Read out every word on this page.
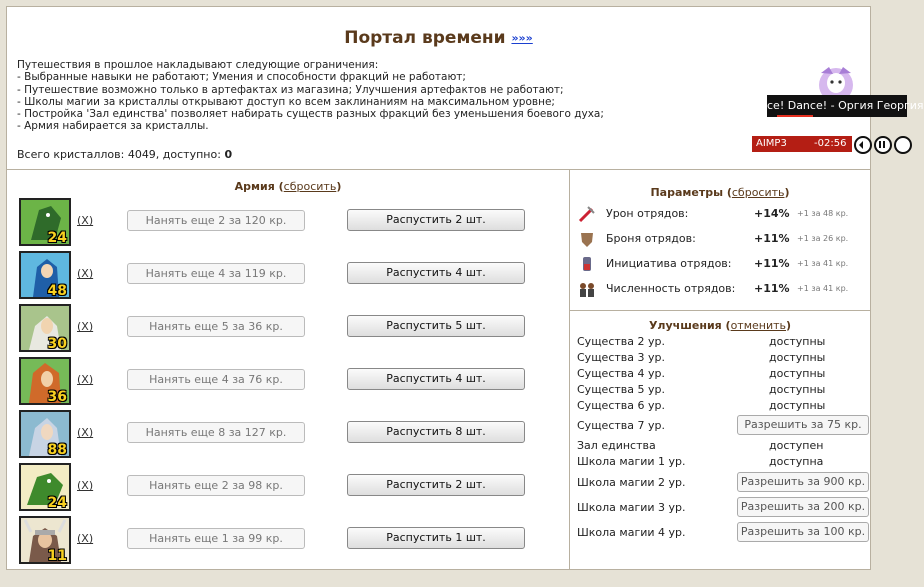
Портал времени »»»
Путешествия в прошлое накладывают следующие ограничения:
- Выбранные навыки не работают; Умения и способности фракций не работают;
- Путешествие возможно только в артефактах из магазина; Улучшения артефактов не работают;
- Школы магии за кристаллы открывают доступ ко всем заклинаниям на максимальном уровне;
- Постройка 'Зал единства' позволяет набирать существ разных фракций без уменьшения боевого духа;
- Армия набирается за кристаллы.
Всего кристаллов: 4049, доступно: 0
Армия (сбросить)
24
(X)	Нанять еще 2 за 120 кр.	Распустить 2 шт.
48
(X)	Нанять еще 4 за 119 кр.	Распустить 4 шт.
30
(X)	Нанять еще 5 за 36 кр.	Распустить 5 шт.
36
(X)	Нанять еще 4 за 76 кр.	Распустить 4 шт.
88
(X)	Нанять еще 8 за 127 кр.	Распустить 8 шт.
24
(X)	Нанять еще 2 за 98 кр.	Распустить 2 шт.
11
(X)	Нанять еще 1 за 99 кр.	Распустить 1 шт.
Параметры (сбросить)
Урон отрядов:	+14% +1 за 48 кр.
Броня отрядов:	+11% +1 за 26 кр.
Инициатива отрядов: +11% +1 за 41 кр.
Численность отрядов: +11% +1 за 41 кр.
Улучшения (отменить)
Существа 2 ур.	доступны
Существа 3 ур.	доступны
Существа 4 ур.	доступны
Существа 5 ур.	доступны
Существа 6 ур.	доступны
Существа 7 ур.	Разрешить за 75 кр.
Зал единства	доступен
Школа магии 1 ур.	доступна
Школа магии 2 ур.	Разрешить за 900 кр.
Школа магии 3 ур.	Разрешить за 200 кр.
Школа магии 4 ур.	Разрешить за 100 кр.
ce! Dance! - Оргия Георгия
AIMP3	-02:56
